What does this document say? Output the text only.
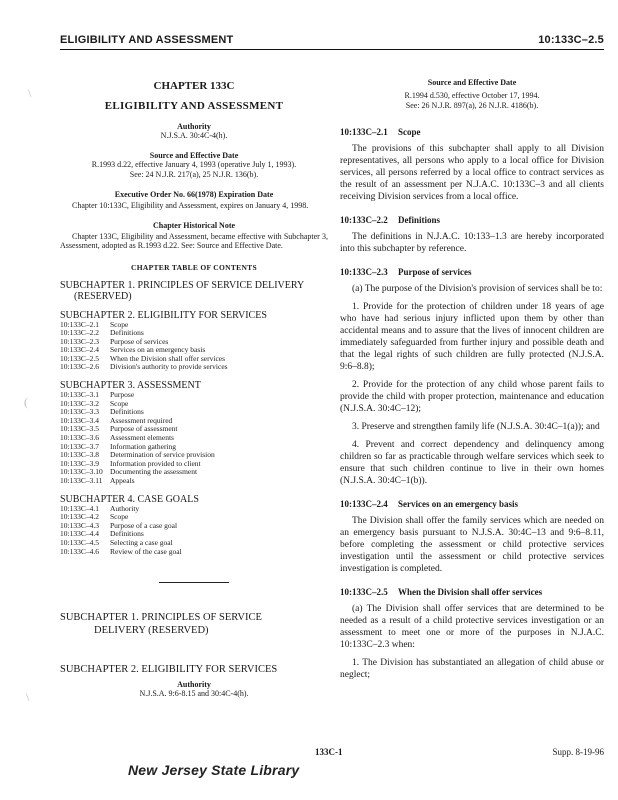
ELIGIBILITY AND ASSESSMENT	10:133C–2.5
\
(
\
CHAPTER 133C
ELIGIBILITY AND ASSESSMENT
Authority
N.J.S.A. 30:4C-4(h).
Source and Effective Date
R.1993 d.22, effective January 4, 1993 (operative July 1, 1993).
See: 24 N.J.R. 217(a), 25 N.J.R. 136(b).
Executive Order No. 66(1978) Expiration Date

Chapter 10:133C, Eligibility and Assessment, expires on January 4, 1998.

Chapter Historical Note

Chapter 133C, Eligibility and Assessment, became effective with Subchapter 3, Assessment, adopted as R.1993 d.22. See: Source and Effective Date.

CHAPTER TABLE OF CONTENTS
SUBCHAPTER 1. PRINCIPLES OF SERVICE DELIVERY
(RESERVED)
SUBCHAPTER 2. ELIGIBILITY FOR SERVICES
10:133C–2.1	Scope
10:133C–2.2	Definitions
10:133C–2.3	Purpose of services
10:133C–2.4	Services on an emergency basis
10:133C–2.5	When the Division shall offer services
10:133C–2.6	Division's authority to provide services
SUBCHAPTER 3. ASSESSMENT
10:133C–3.1	Purpose
10:133C–3.2	Scope
10:133C–3.3	Definitions
10:133C–3.4	Assessment required
10:133C–3.5	Purpose of assessment
10:133C–3.6	Assessment elements
10:133C–3.7	Information gathering
10:133C–3.8	Determination of service provision
10:133C–3.9	Information provided to client
10:133C–3.10 Documenting the assessment
10:133C–3.11	Appeals
SUBCHAPTER 4. CASE GOALS
10:133C–4.1	Authority
10:133C–4.2	Scope
10:133C–4.3	Purpose of a case goal
10:133C–4.4	Definitions
10:133C–4.5	Selecting a case goal
10:133C–4.6	Review of the case goal
SUBCHAPTER 1. PRINCIPLES OF SERVICE
DELIVERY (RESERVED)
SUBCHAPTER 2. ELIGIBILITY FOR SERVICES
Authority
N.J.S.A. 9:6-8.15 and 30:4C-4(h).
Source and Effective Date
R.1994 d.530, effective October 17, 1994.
See: 26 N.J.R. 897(a), 26 N.J.R. 4186(b).
10:133C–2.1	Scope

The provisions of this subchapter shall apply to all Division representatives, all persons who apply to a local office for Division services, all persons referred by a local office to contract services as the result of an assessment per N.J.A.C. 10:133C–3 and all clients receiving Division services from a local office.

10:133C–2.2	Definitions

The definitions in N.J.A.C. 10:133–1.3 are hereby incorporated into this subchapter by reference.

10:133C–2.3	Purpose of services

(a) The purpose of the Division's provision of services shall be to:

1. Provide for the protection of children under 18 years of age who have had serious injury inflicted upon them by other than accidental means and to assure that the lives of innocent children are immediately safeguarded from further injury and possible death and that the legal rights of such children are fully protected (N.J.S.A. 9:6–8.8);

2. Provide for the protection of any child whose parent fails to provide the child with proper protection, maintenance and education (N.J.S.A. 30:4C–12);

3. Preserve and strengthen family life (N.J.S.A. 30:4C–1(a)); and

4. Prevent and correct dependency and delinquency among children so far as practicable through welfare services which seek to ensure that such children continue to live in their own homes (N.J.S.A. 30:4C–1(b)).

10:133C–2.4	Services on an emergency basis

The Division shall offer the family services which are needed on an emergency basis pursuant to N.J.S.A. 30:4C–13 and 9:6–8.11, before completing the assessment or child protective services investigation until the assessment or child protective services investigation is completed.

10:133C–2.5	When the Division shall offer services

(a) The Division shall offer services that are determined to be needed as a result of a child protective services investigation or an assessment to meet one or more of the purposes in N.J.A.C. 10:133C–2.3 when:

1. The Division has substantiated an allegation of child abuse or neglect;

133C-1	Supp. 8-19-96
New Jersey State Library
